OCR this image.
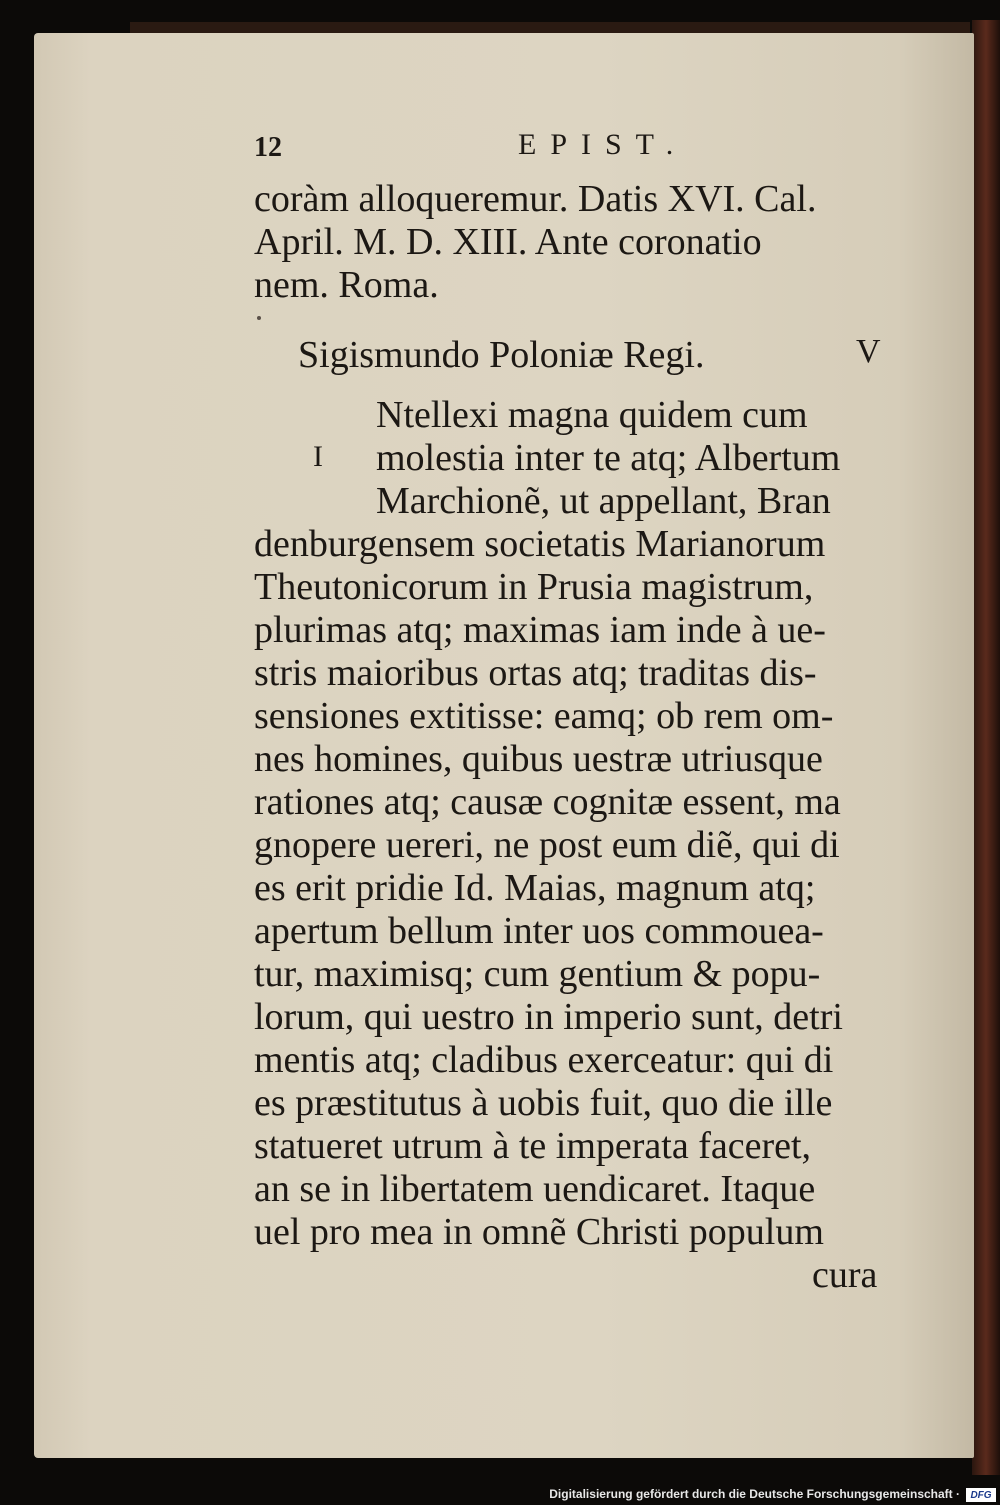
12	EPIST.
coràm alloqueremur. Datis XVI. Cal.
April. M. D. XIII. Ante coronatio
nem. Roma.
Sigismundo Poloniæ Regi.	V
I
Ntellexi magna quidem cum
molestia inter te atq; Albertum
Marchionẽ, ut appellant, Bran
denburgensem societatis Marianorum
Theutonicorum in Prusia magistrum,
plurimas atq; maximas iam inde à ue-
stris maioribus ortas atq; traditas dis-
sensiones extitisse: eamq; ob rem om-
nes homines, quibus uestræ utriusque
rationes atq; causæ cognitæ essent, ma
gnopere uereri, ne post eum diẽ, qui di
es erit pridie Id. Maias, magnum atq;
apertum bellum inter uos commouea-
tur, maximisq; cum gentium & popu-
lorum, qui uestro in imperio sunt, detri
mentis atq; cladibus exerceatur: qui di
es præstitutus à uobis fuit, quo die ille
statueret utrum à te imperata faceret,
an se in libertatem uendicaret. Itaque
uel pro mea in omnẽ Christi populum
cura
Digitalisierung gefördert durch die Deutsche Forschungsgemeinschaft ·	DFG
